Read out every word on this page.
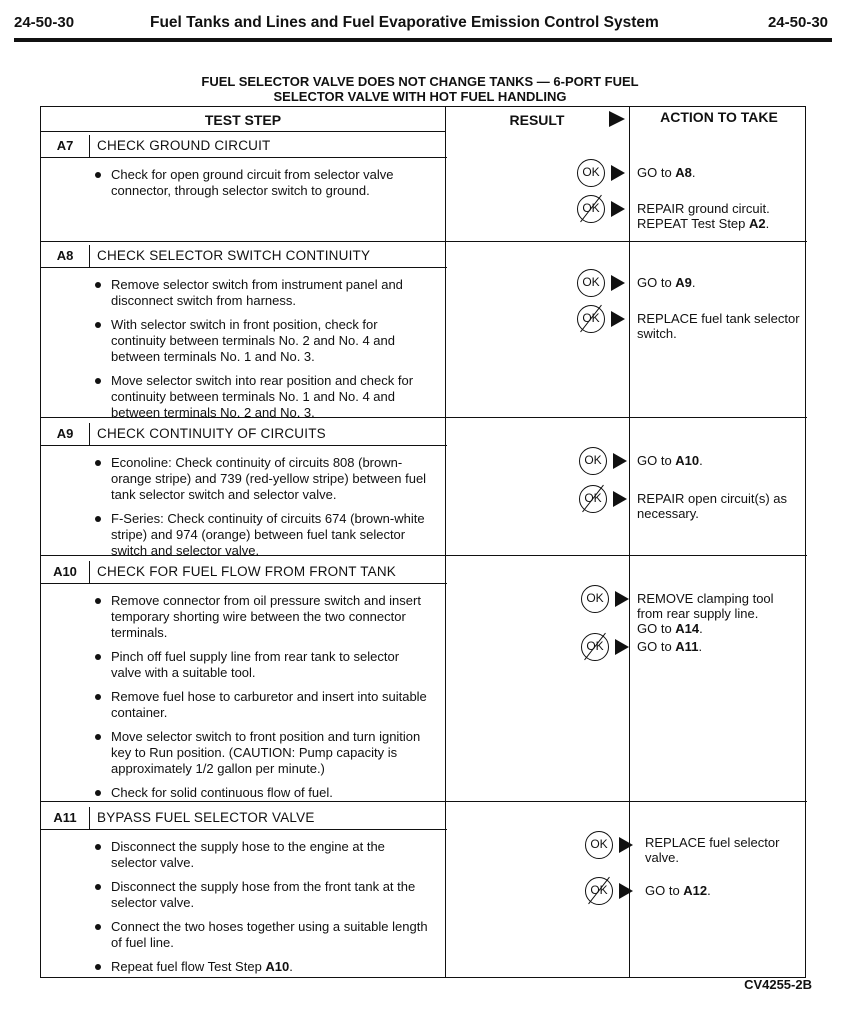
24-50-30	Fuel Tanks and Lines and Fuel Evaporative Emission Control System	24-50-30
FUEL SELECTOR VALVE DOES NOT CHANGE TANKS — 6-PORT FUEL
SELECTOR VALVE WITH HOT FUEL HANDLING
TEST STEP	RESULT	ACTION TO TAKE
A7	CHECK GROUND CIRCUIT
Check for open ground circuit from selector valve connector, through selector switch to ground.
OK	GO to A8.
OK	REPAIR ground circuit.
REPEAT Test Step A2.
A8	CHECK SELECTOR SWITCH CONTINUITY
Remove selector switch from instrument panel and disconnect switch from harness.
With selector switch in front position, check for continuity between terminals No. 2 and No. 4 and between terminals No. 1 and No. 3.
Move selector switch into rear position and check for continuity between terminals No. 1 and No. 4 and between terminals No. 2 and No. 3.
OK	GO to A9.
OK	REPLACE fuel tank selector switch.
A9	CHECK CONTINUITY OF CIRCUITS
Econoline: Check continuity of circuits 808 (brown-orange stripe) and 739 (red-yellow stripe) between fuel tank selector switch and selector valve.
F-Series: Check continuity of circuits 674 (brown-white stripe) and 974 (orange) between fuel tank selector switch and selector valve.
OK	GO to A10.
OK	REPAIR open circuit(s) as necessary.
A10	CHECK FOR FUEL FLOW FROM FRONT TANK
Remove connector from oil pressure switch and insert temporary shorting wire between the two connector terminals.
Pinch off fuel supply line from rear tank to selector valve with a suitable tool.
Remove fuel hose to carburetor and insert into suitable container.
Move selector switch to front position and turn ignition key to Run position. (CAUTION: Pump capacity is approximately 1/2 gallon per minute.)
Check for solid continuous flow of fuel.
OK	REMOVE clamping tool from rear supply line.
GO to A14.
OK	GO to A11.
A11	BYPASS FUEL SELECTOR VALVE
Disconnect the supply hose to the engine at the selector valve.
Disconnect the supply hose from the front tank at the selector valve.
Connect the two hoses together using a suitable length of fuel line.
Repeat fuel flow Test Step A10.
OK	REPLACE fuel selector valve.
OK	GO to A12.
CV4255-2B
